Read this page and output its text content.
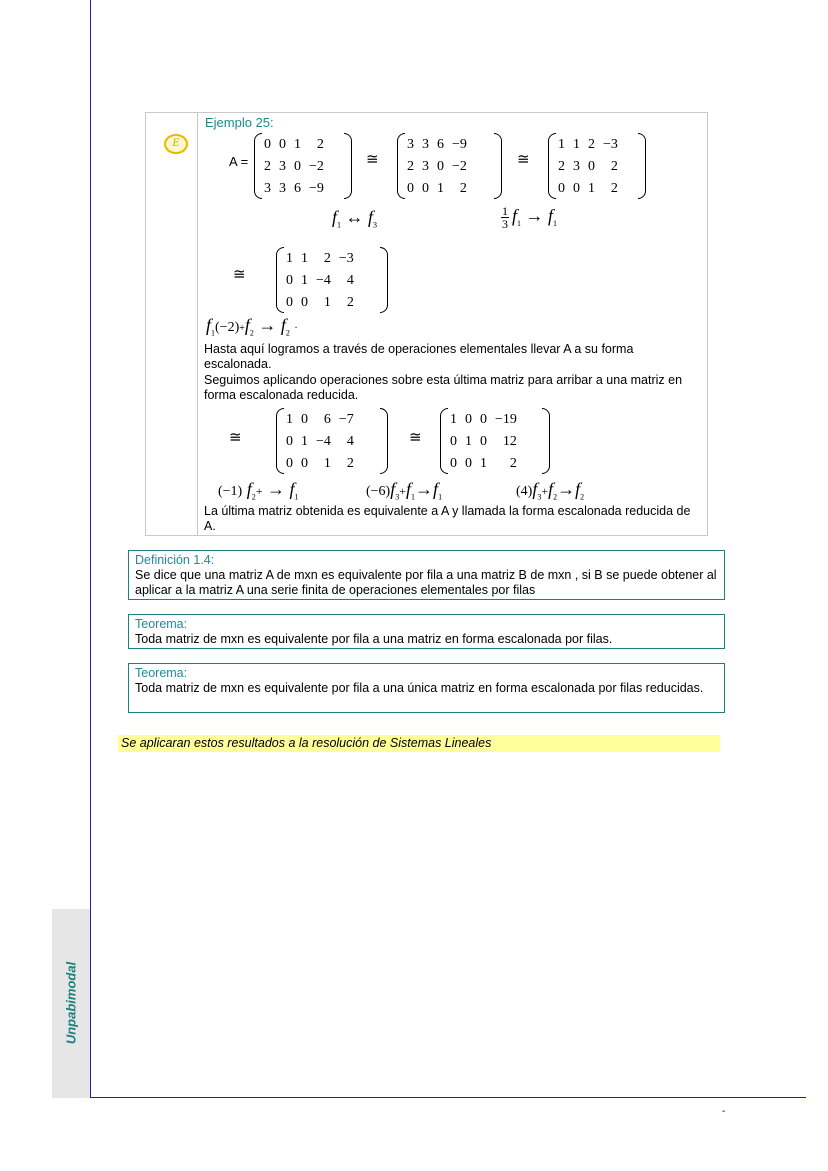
Unpabimodal
-
E
Ejemplo 25:
A =
0	0	1	2
2	3	0	−2
3	3	6	−9
≅
3	3	6	−9
2	3	0	−2
0	0	1	2
≅
1	1	2	−3
2	3	0	2
0	0	1	2
$f_1$ ↔ $f_3$	$\frac{1}{3} f_1 \to f_1$
≅
1	1	2	−3
0	1	−4	4
0	0	1	2
$f_1(-2)+f_2 \to f_2$ ·
Hasta aquí logramos a través de operaciones elementales llevar A a su forma escalonada.
Seguimos aplicando operaciones sobre esta última matriz para arribar a una matriz en forma escalonada reducida.
≅
1	0	6	−7
0	1	−4	4
0	0	1	2
≅
1	0	0	−19
0	1	0	12
0	0	1	2
(−1) $f_2+ \to f_1$	$(-6)f_3+f_1\to f_1$	$(4)f_3+f_2\to f_2$
La última matriz obtenida es equivalente a A y llamada la forma escalonada reducida de A.
Definición 1.4:
Se dice que una matriz A de mxn es equivalente por fila a una matriz B de mxn , si B se puede obtener al aplicar a la matriz A una serie finita de operaciones elementales por filas
Teorema:
Toda matriz de mxn es equivalente por fila a una matriz en forma escalonada por filas.
Teorema:
Toda matriz de mxn es equivalente por fila a una única matriz en forma escalonada por filas reducidas.
Se aplicaran estos resultados a la resolución de Sistemas Lineales
